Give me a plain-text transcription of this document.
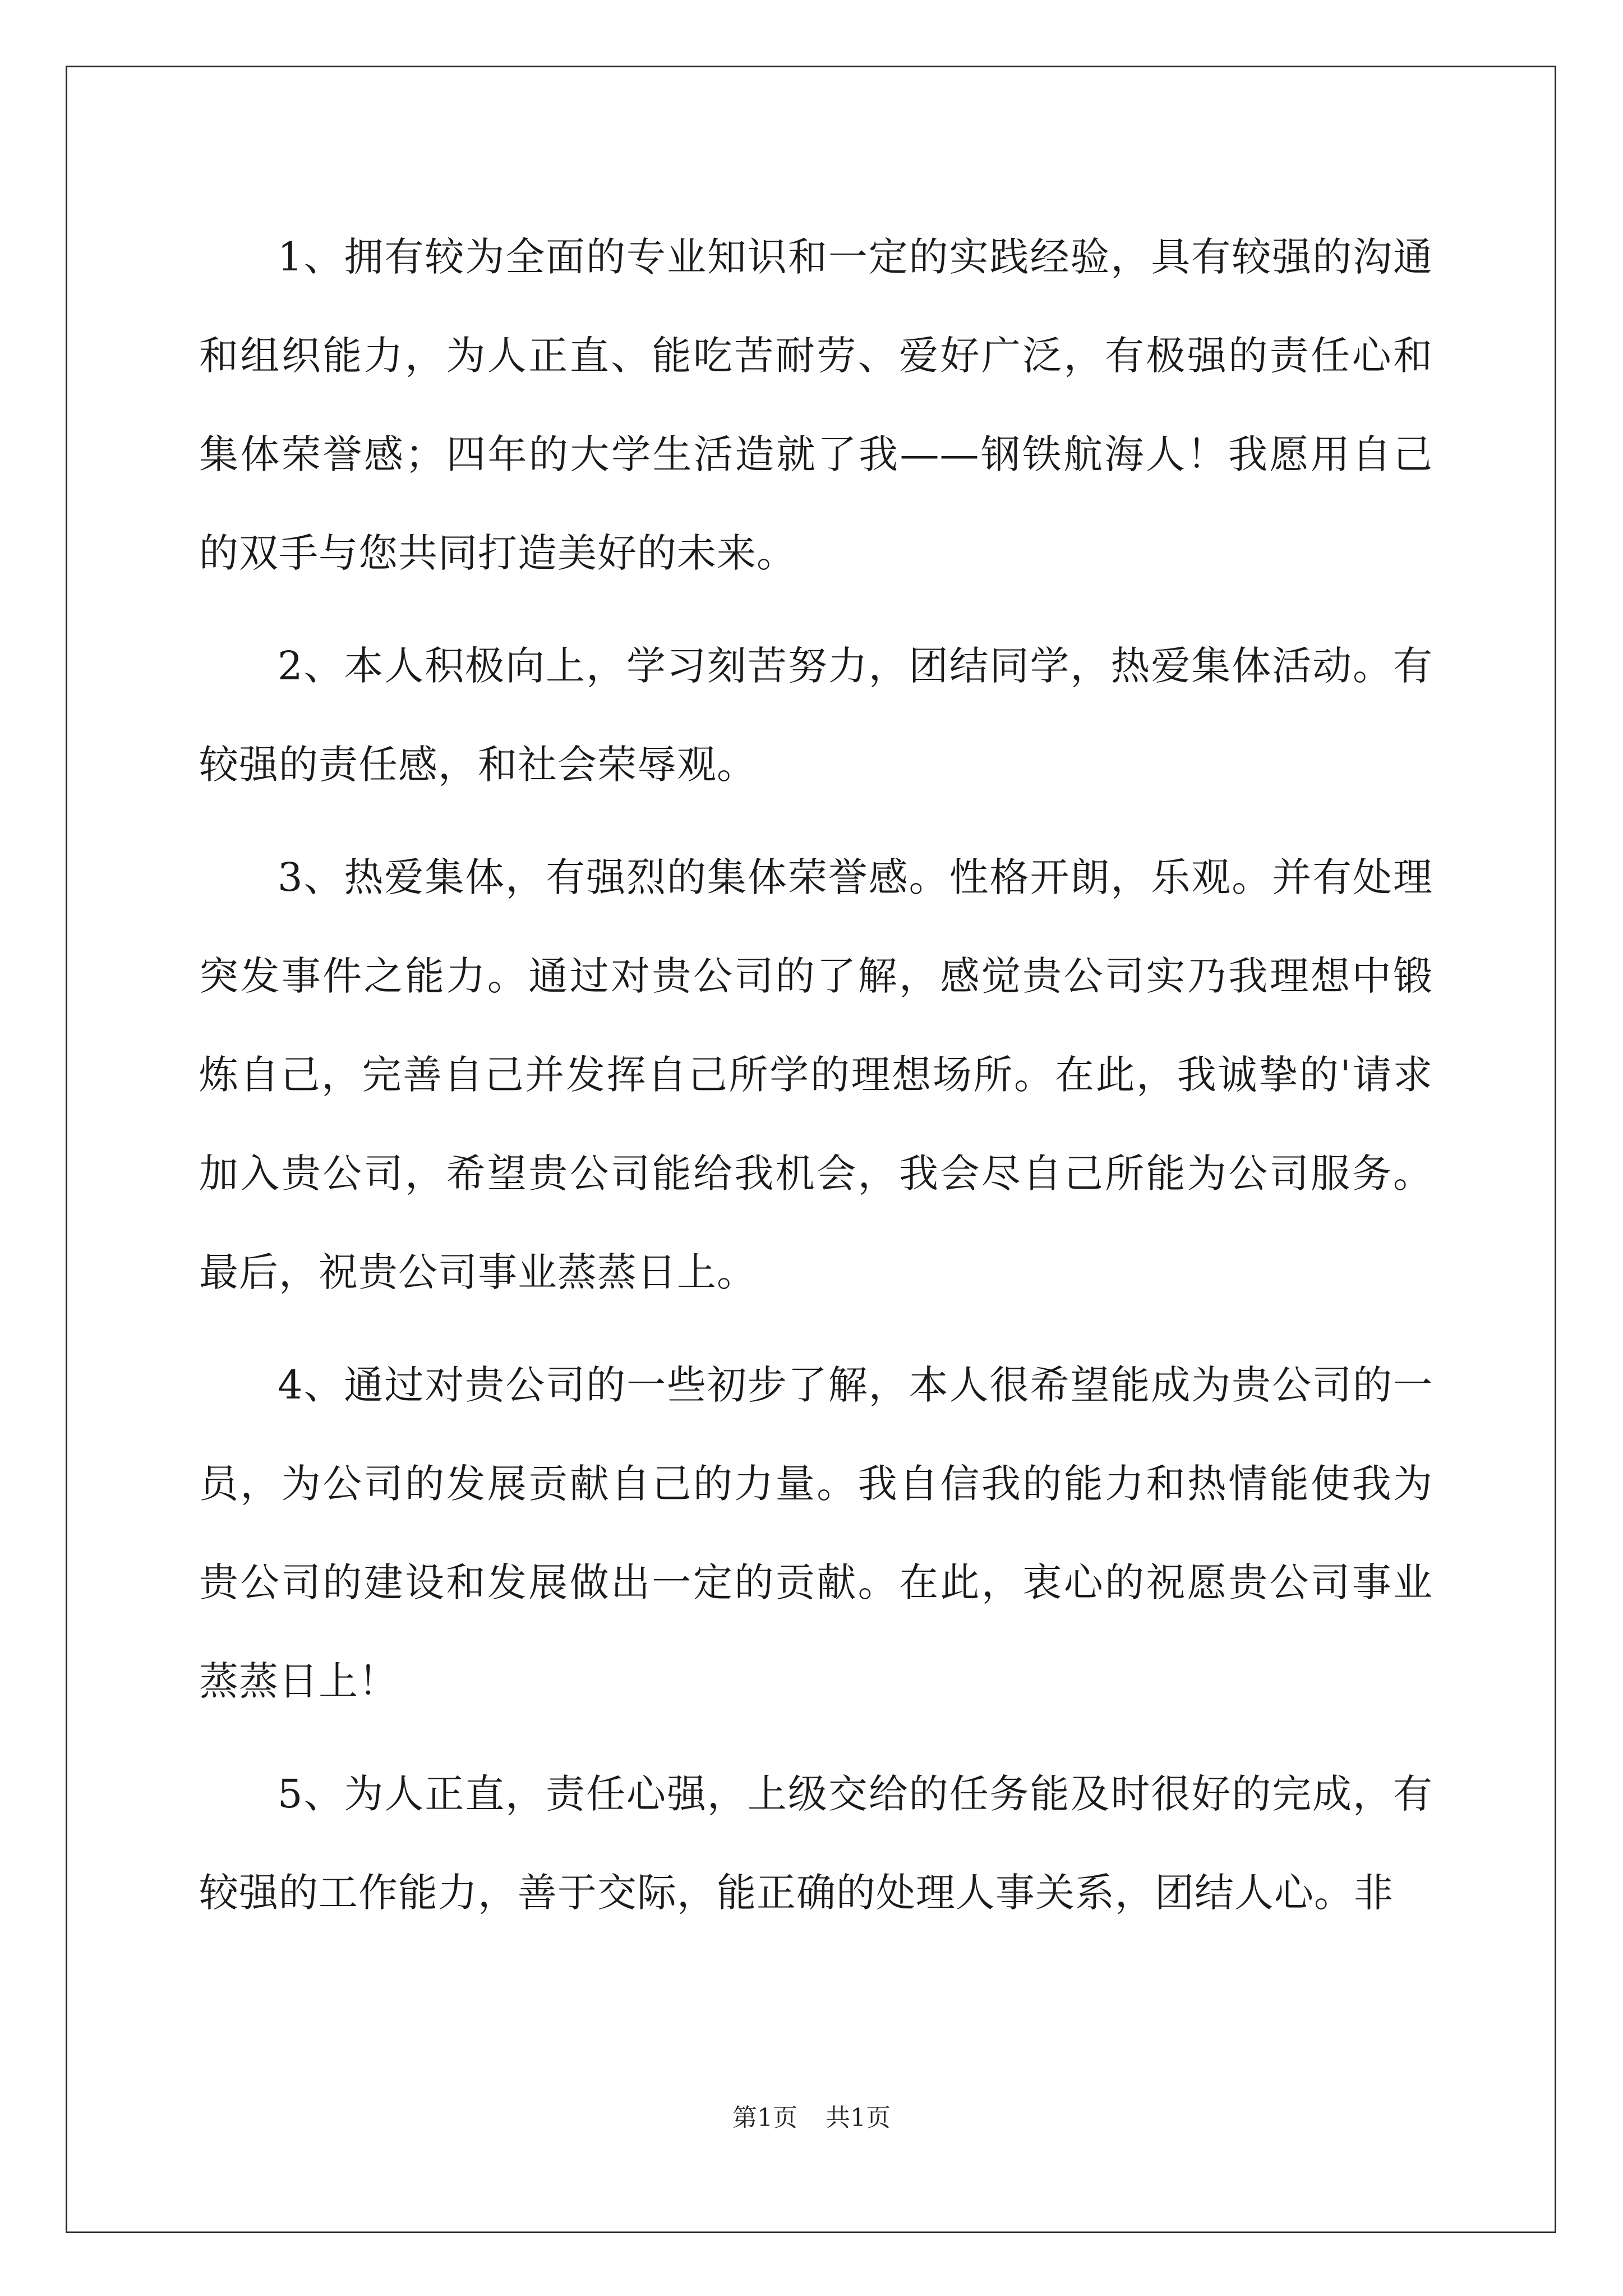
1、拥有较为全面的专业知识和一定的实践经验，具有较强的沟通和组织能力，为人正直、能吃苦耐劳、爱好广泛，有极强的责任心和集体荣誉感；四年的大学生活造就了我——钢铁航海人！我愿用自己的双手与您共同打造美好的未来。

2、本人积极向上，学习刻苦努力，团结同学，热爱集体活动。有较强的责任感，和社会荣辱观。

3、热爱集体，有强烈的集体荣誉感。性格开朗，乐观。并有处理突发事件之能力。通过对贵公司的了解，感觉贵公司实乃我理想中锻炼自己，完善自己并发挥自己所学的理想场所。在此，我诚挚的'请求加入贵公司，希望贵公司能给我机会，我会尽自己所能为公司服务。最后，祝贵公司事业蒸蒸日上。

4、通过对贵公司的一些初步了解，本人很希望能成为贵公司的一员，为公司的发展贡献自己的力量。我自信我的能力和热情能使我为贵公司的建设和发展做出一定的贡献。在此，衷心的祝愿贵公司事业蒸蒸日上！

5、为人正直，责任心强，上级交给的任务能及时很好的完成，有较强的工作能力，善于交际，能正确的处理人事关系，团结人心。非

第1页 共1页
